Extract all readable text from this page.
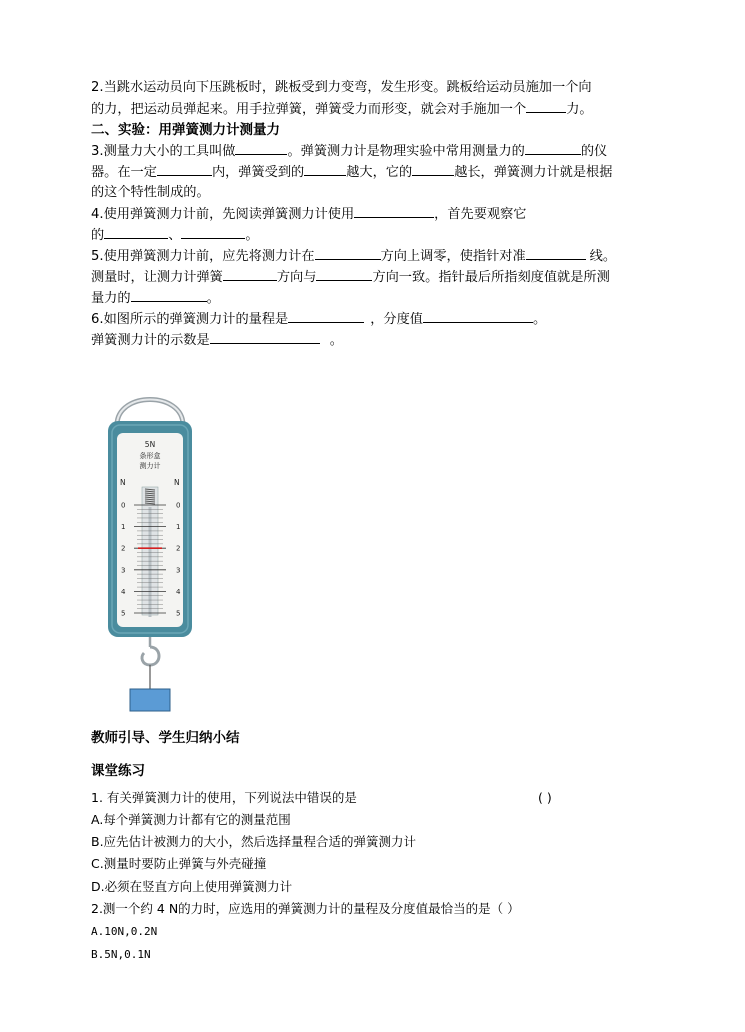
2.当跳水运动员向下压跳板时，跳板受到力变弯，发生形变。跳板给运动员施加一个向
的力，把运动员弹起来。用手拉弹簧，弹簧受力而形变，就会对手施加一个	力。
二、实验：用弹簧测力计测量力
3.测量力大小的工具叫做	。弹簧测力计是物理实验中常用测量力的	的仪
器。在一定	内，弹簧受到的	越大，它的	越长，弹簧测力计就是根据
的这个特性制成的。
4.使用弹簧测力计前，先阅读弹簧测力计使用	，首先要观察它
的	、	。
5.使用弹簧测力计前，应先将测力计在	方向上调零，使指针对准	线。
测量时，让测力计弹簧	方向与	方向一致。指针最后所指刻度值就是所测
量力的	。
6.如图所示的弹簧测力计的量程是	，分度值	。
弹簧测力计的示数是	。
5N
条形盒
测力计
N	N
0	0
1	1
2	2
3	3
4	4
5	5
教师引导、学生归纳小结
课堂练习
1. 有关弹簧测力计的使用，下列说法中错误的是	( )
A.每个弹簧测力计都有它的测量范围
B.应先估计被测力的大小，然后选择量程合适的弹簧测力计
C.测量时要防止弹簧与外壳碰撞
D.必须在竖直方向上使用弹簧测力计
2.测一个约 4 N的力时，应选用的弹簧测力计的量程及分度值最恰当的是（ ）
A.10N,0.2N
B.5N,0.1N
